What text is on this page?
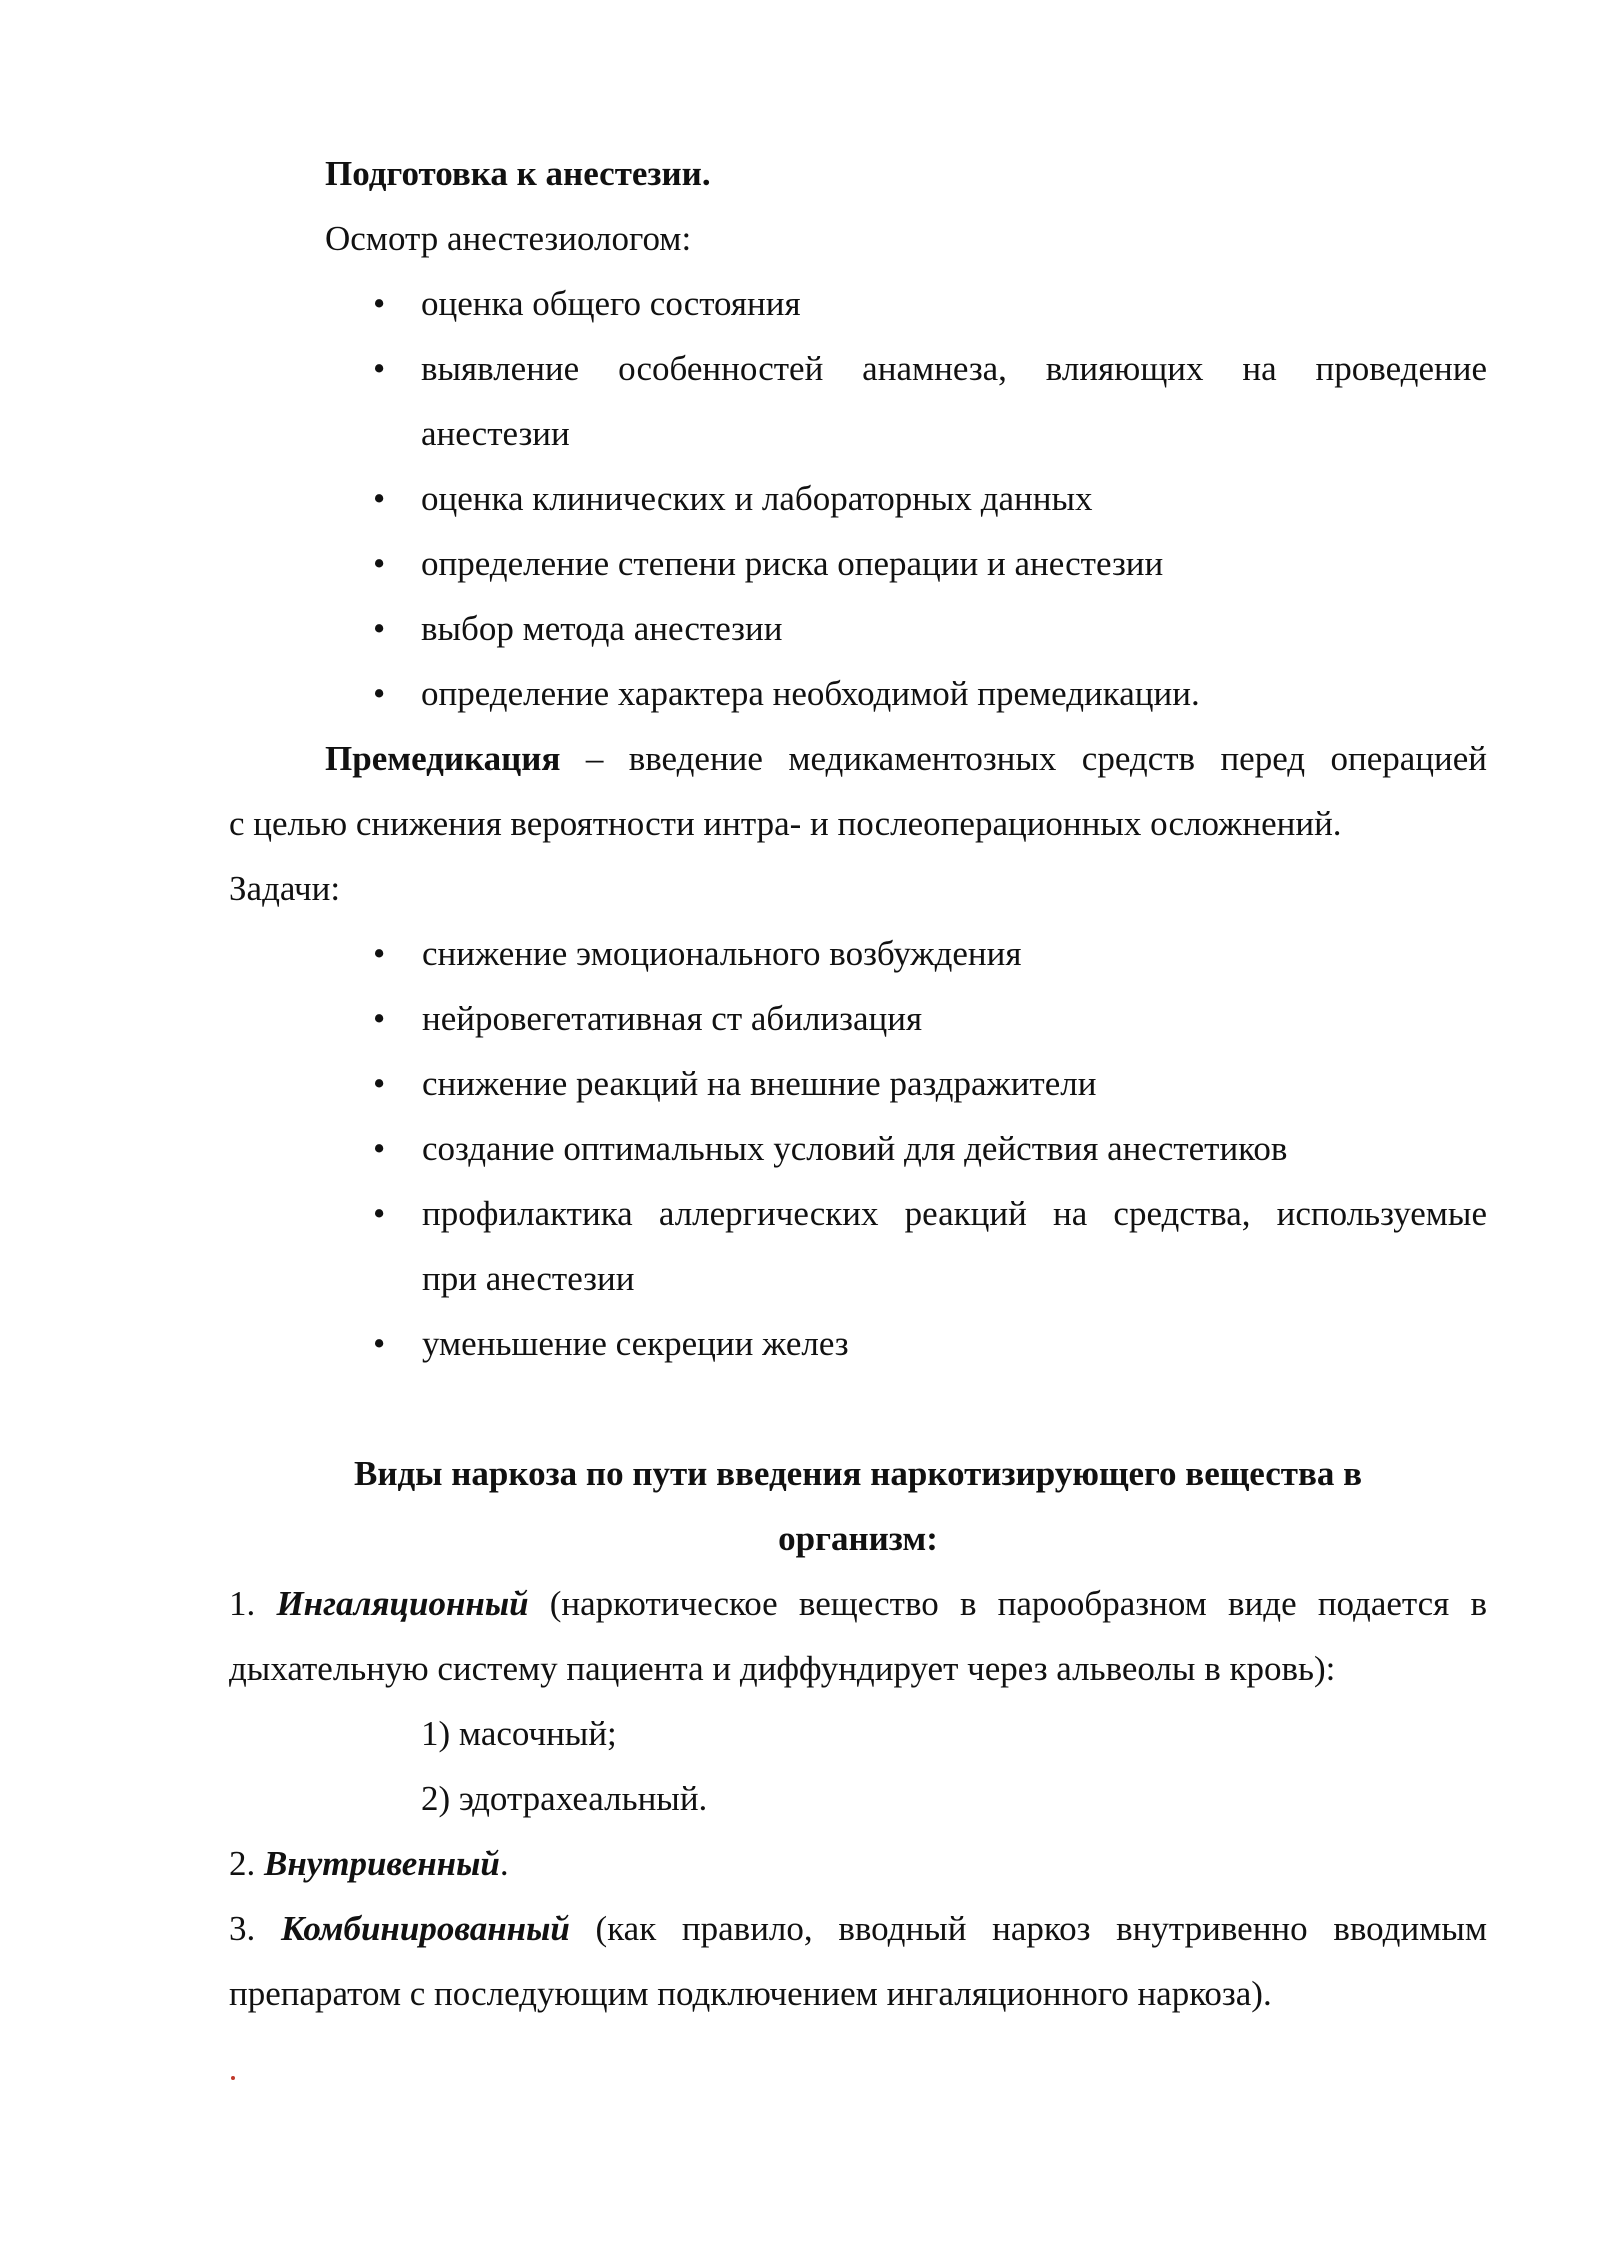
Подготовка к анестезии.
Осмотр анестезиологом:
• оценка общего состояния
• выявление особенностей анамнеза, влияющих на проведение
анестезии
• оценка клинических и лабораторных данных
• определение степени риска операции и анестезии
• выбор метода анестезии
• определение характера необходимой премедикации.
Премедикация – введение медикаментозных средств перед операцией
с целью снижения вероятности интра- и послеоперационных осложнений.
Задачи:
• снижение эмоционального возбуждения
• нейровегетативная ст абилизация
• снижение реакций на внешние раздражители
• создание оптимальных условий для действия анестетиков
• профилактика аллергических реакций на средства, используемые
при анестезии
• уменьшение секреции желез
Виды наркоза по пути введения наркотизирующего вещества в
организм:
1. Ингаляционный (наркотическое вещество в парообразном виде подается в
дыхательную систему пациента и диффундирует через альвеолы в кровь):
1) масочный;
2) эдотрахеальный.
2. Внутривенный.
3. Комбинированный (как правило, вводный наркоз внутривенно вводимым
препаратом с последующим подключением ингаляционного наркоза).
